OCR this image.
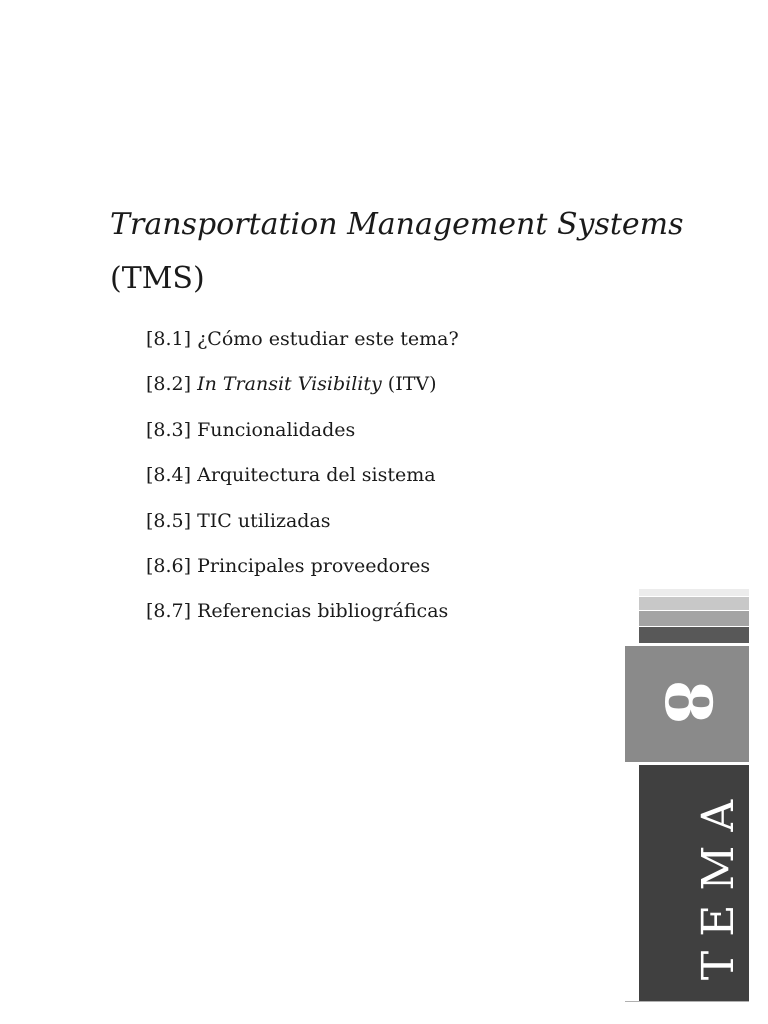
Transportation Management Systems
(TMS)
[8.1] ¿Cómo estudiar este tema?
[8.2] In Transit Visibility (ITV)
[8.3] Funcionalidades
[8.4] Arquitectura del sistema
[8.5] TIC utilizadas
[8.6] Principales proveedores
[8.7] Referencias bibliográficas
8
TEMA
